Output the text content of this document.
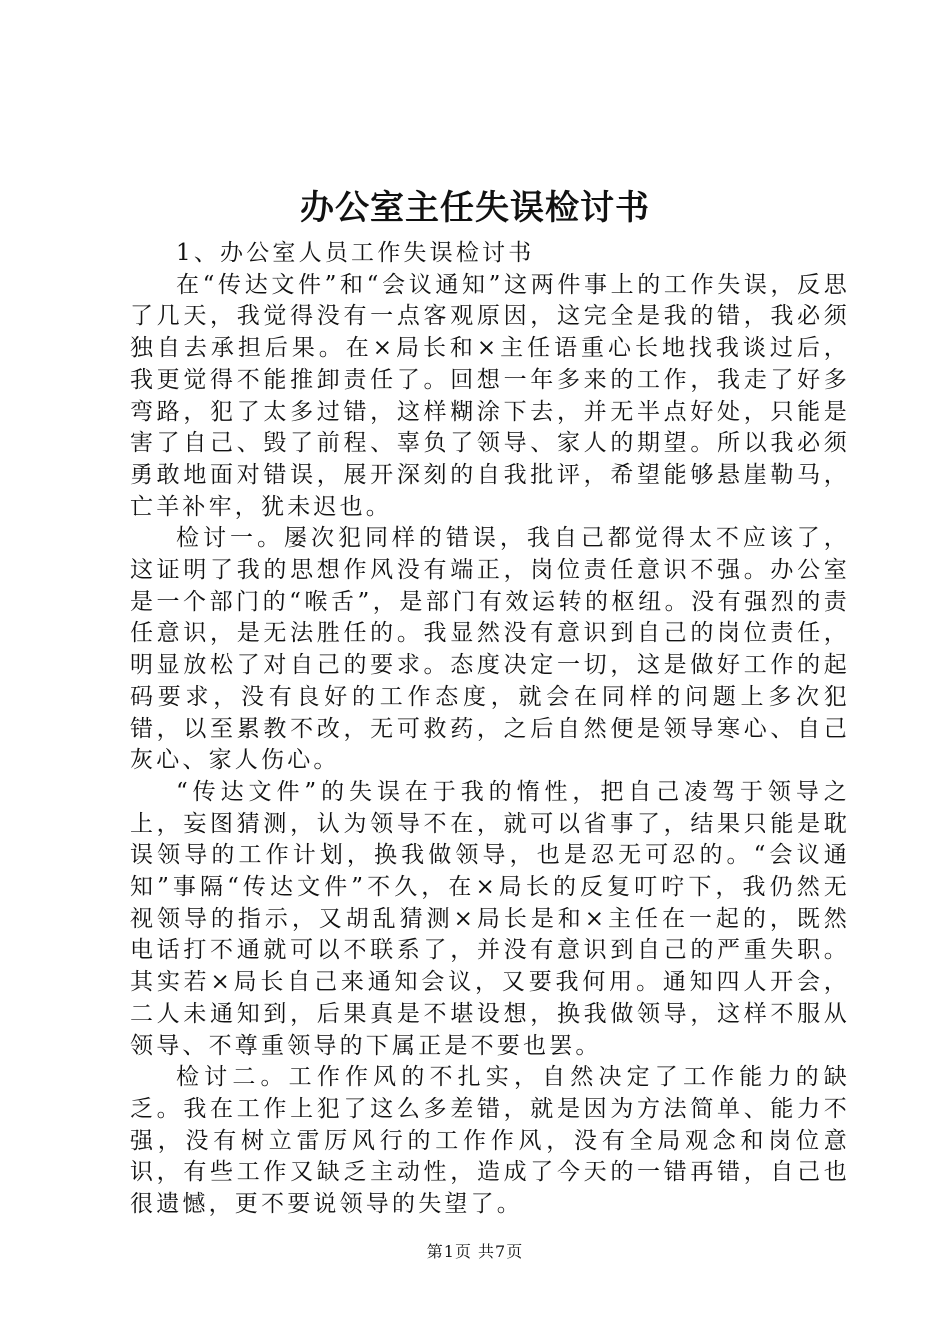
办公室主任失误检讨书

1、办公室人员工作失误检讨书

在“传达文件”和“会议通知”这两件事上的工作失误，反思了几天，我觉得没有一点客观原因，这完全是我的错，我必须独自去承担后果。在×局长和×主任语重心长地找我谈过后，我更觉得不能推卸责任了。回想一年多来的工作，我走了好多弯路，犯了太多过错，这样糊涂下去，并无半点好处，只能是害了自己、毁了前程、辜负了领导、家人的期望。所以我必须勇敢地面对错误，展开深刻的自我批评，希望能够悬崖勒马，亡羊补牢，犹未迟也。

检讨一。屡次犯同样的错误，我自己都觉得太不应该了，这证明了我的思想作风没有端正，岗位责任意识不强。办公室是一个部门的“喉舌”，是部门有效运转的枢纽。没有强烈的责任意识，是无法胜任的。我显然没有意识到自己的岗位责任，明显放松了对自己的要求。态度决定一切，这是做好工作的起码要求，没有良好的工作态度，就会在同样的问题上多次犯错，以至累教不改，无可救药，之后自然便是领导寒心、自己灰心、家人伤心。

“传达文件”的失误在于我的惰性，把自己凌驾于领导之上，妄图猜测，认为领导不在，就可以省事了，结果只能是耽误领导的工作计划，换我做领导，也是忍无可忍的。“会议通知”事隔“传达文件”不久，在×局长的反复叮咛下，我仍然无视领导的指示，又胡乱猜测×局长是和×主任在一起的，既然电话打不通就可以不联系了，并没有意识到自己的严重失职。其实若×局长自己来通知会议，又要我何用。通知四人开会，二人未通知到，后果真是不堪设想，换我做领导，这样不服从领导、不尊重领导的下属正是不要也罢。

检讨二。工作作风的不扎实，自然决定了工作能力的缺乏。我在工作上犯了这么多差错，就是因为方法简单、能力不强，没有树立雷厉风行的工作作风，没有全局观念和岗位意识，有些工作又缺乏主动性，造成了今天的一错再错，自己也很遗憾，更不要说领导的失望了。

第1页 共7页
